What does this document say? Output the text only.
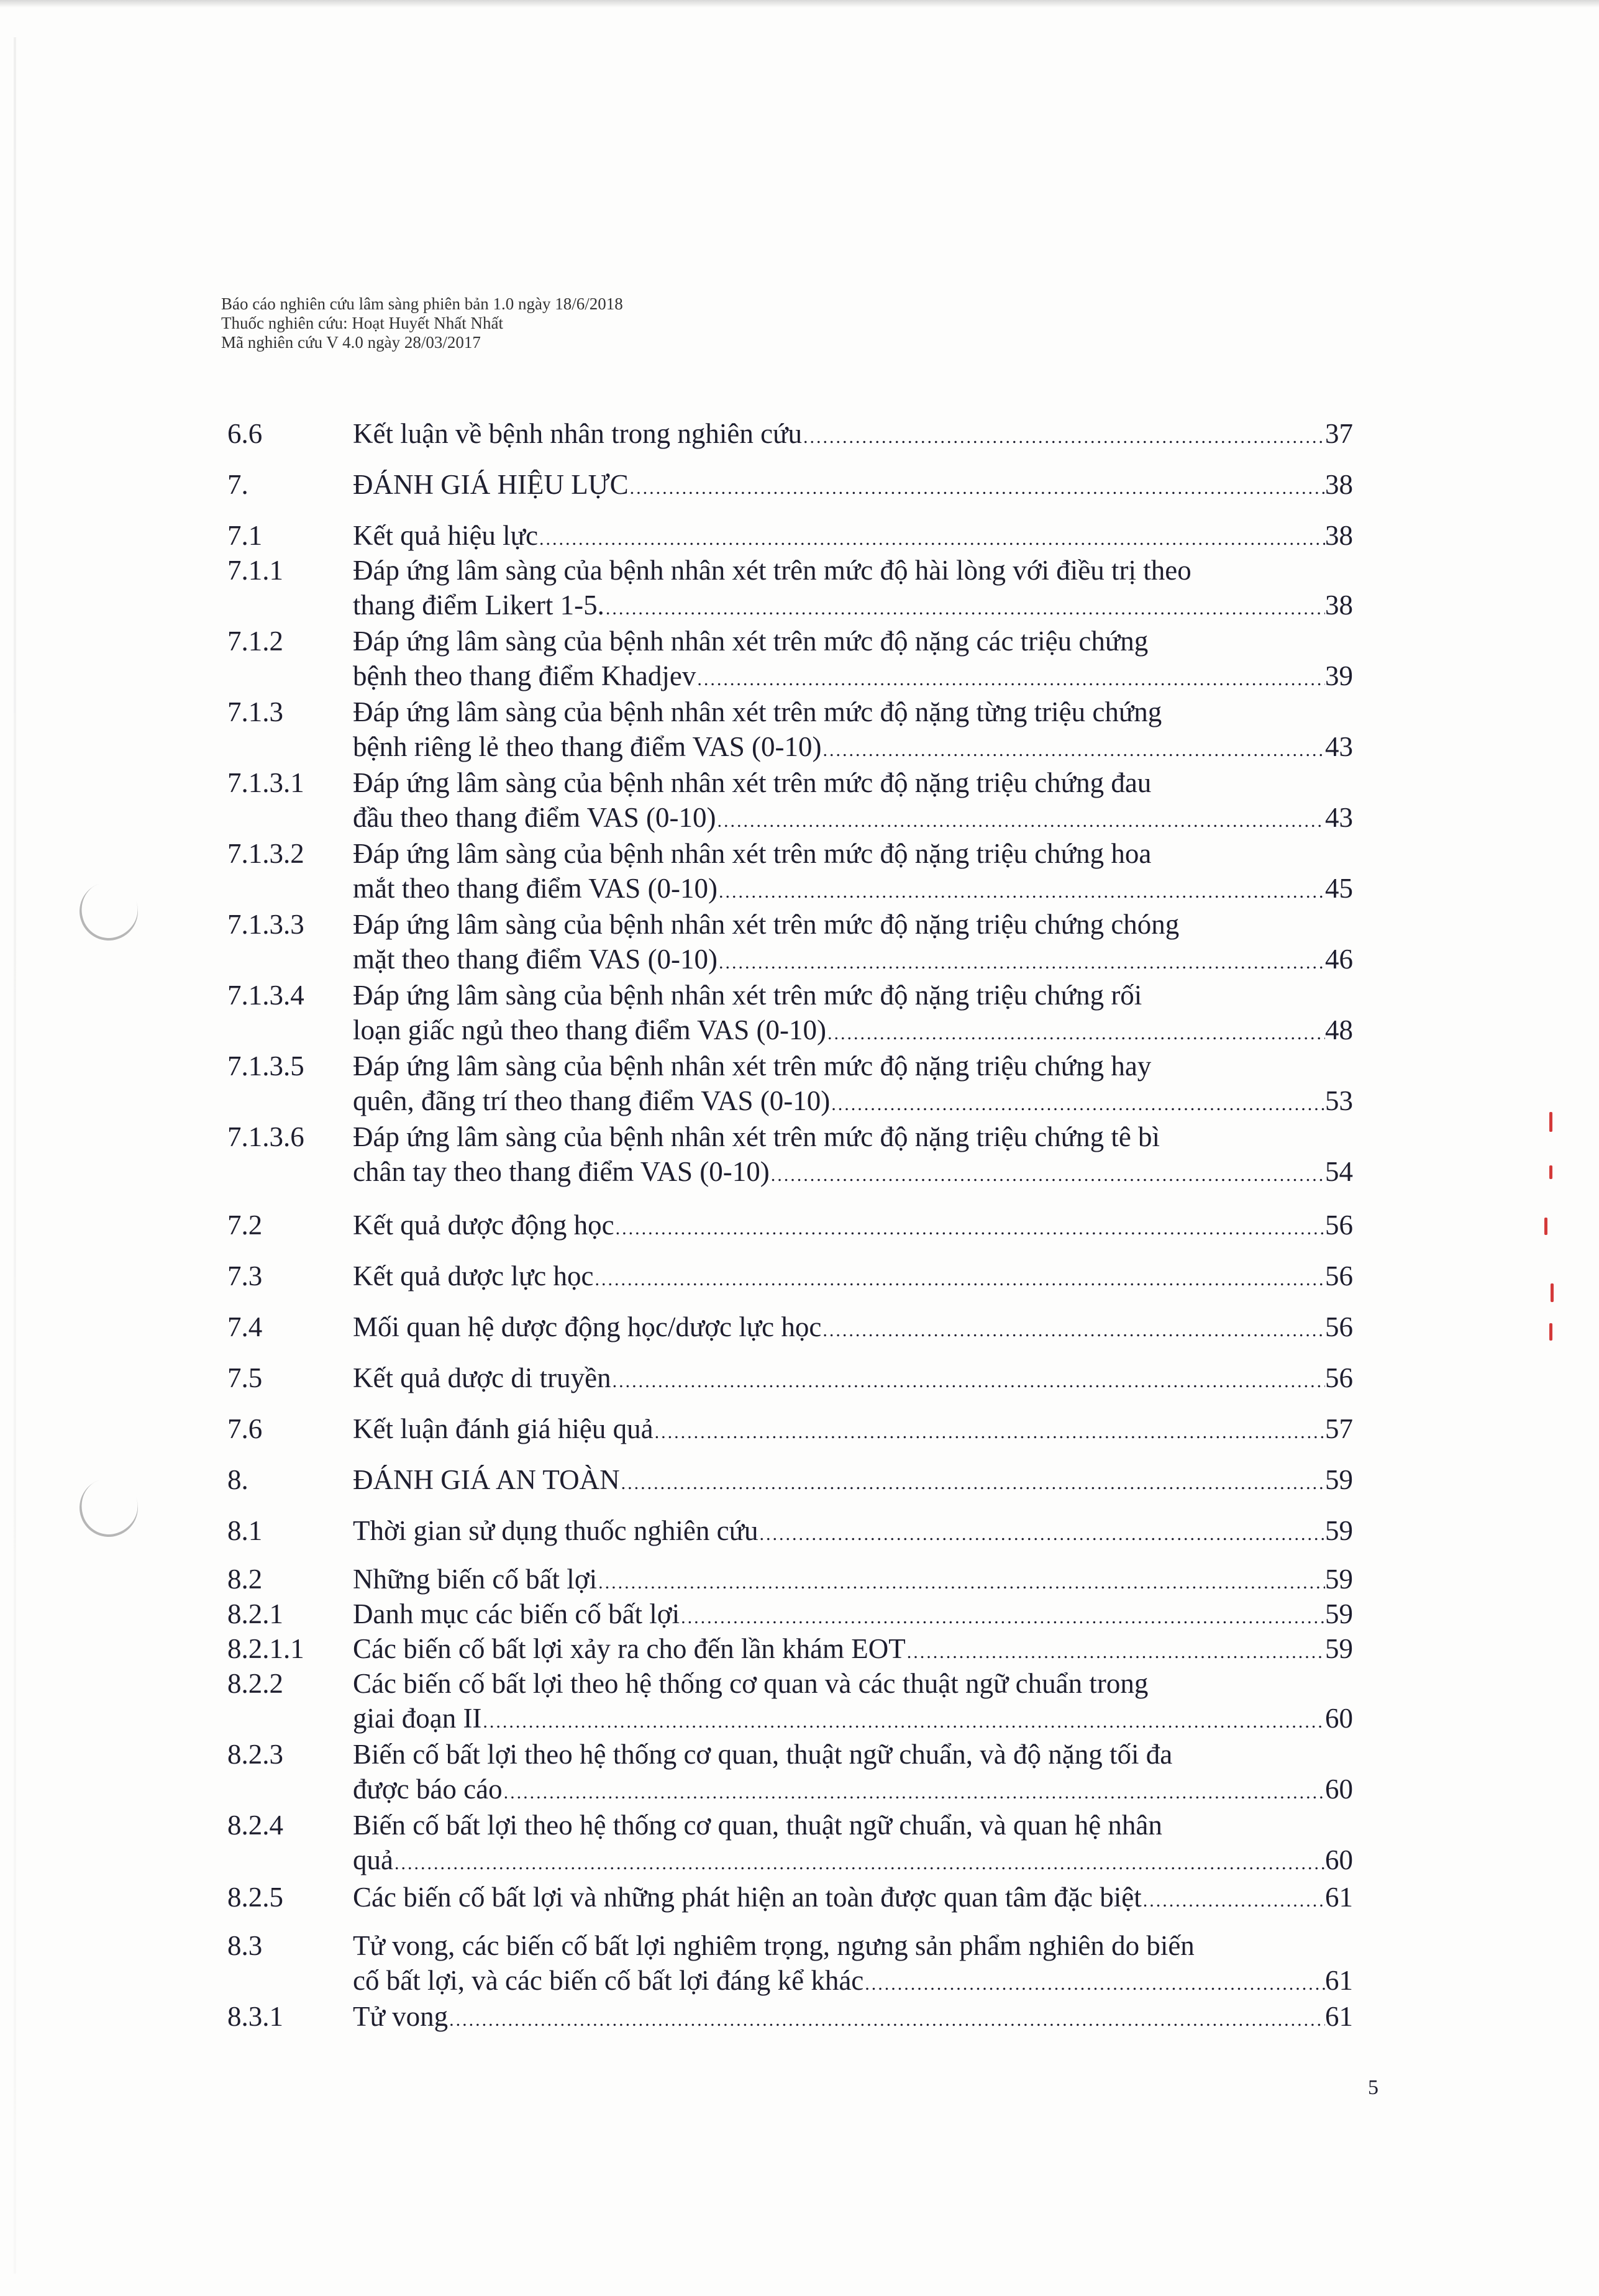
Báo cáo nghiên cứu lâm sàng phiên bản 1.0 ngày 18/6/2018
Thuốc nghiên cứu: Hoạt Huyết Nhất Nhất
Mã nghiên cứu V 4.0 ngày 28/03/2017
6.6	Kết luận về bệnh nhân trong nghiên cứu .....	37
7.	ĐÁNH GIÁ HIỆU LỰC .....	38
7.1	Kết quả hiệu lực .....	38
7.1.1 Đáp ứng lâm sàng của bệnh nhân xét trên mức độ hài lòng với điều trị theo
thang điểm Likert 1-5. .....	38
7.1.2 Đáp ứng lâm sàng của bệnh nhân xét trên mức độ nặng các triệu chứng
bệnh theo thang điểm Khadjev .....	39
7.1.3 Đáp ứng lâm sàng của bệnh nhân xét trên mức độ nặng từng triệu chứng
bệnh riêng lẻ theo thang điểm VAS (0-10) .....	43
7.1.3.1 Đáp ứng lâm sàng của bệnh nhân xét trên mức độ nặng triệu chứng đau
đầu theo thang điểm VAS (0-10) .....	43
7.1.3.2 Đáp ứng lâm sàng của bệnh nhân xét trên mức độ nặng triệu chứng hoa
mắt theo thang điểm VAS (0-10) .....	45
7.1.3.3 Đáp ứng lâm sàng của bệnh nhân xét trên mức độ nặng triệu chứng chóng
mặt theo thang điểm VAS (0-10) .....	46
7.1.3.4 Đáp ứng lâm sàng của bệnh nhân xét trên mức độ nặng triệu chứng rối
loạn giấc ngủ theo thang điểm VAS (0-10) .....	48
7.1.3.5 Đáp ứng lâm sàng của bệnh nhân xét trên mức độ nặng triệu chứng hay
quên, đãng trí theo thang điểm VAS (0-10) .....	53
7.1.3.6 Đáp ứng lâm sàng của bệnh nhân xét trên mức độ nặng triệu chứng tê bì
chân tay theo thang điểm VAS (0-10) .....	54
7.2	Kết quả dược động học .....	56
7.3	Kết quả dược lực học .....	56
7.4	Mối quan hệ dược động học/dược lực học .....	56
7.5	Kết quả dược di truyền .....	56
7.6	Kết luận đánh giá hiệu quả .....	57
8.	ĐÁNH GIÁ AN TOÀN .....	59
8.1	Thời gian sử dụng thuốc nghiên cứu .....	59
8.2	Những biến cố bất lợi .....	59
8.2.1 Danh mục các biến cố bất lợi .....	59
8.2.1.1 Các biến cố bất lợi xảy ra cho đến lần khám EOT .....	59
8.2.2 Các biến cố bất lợi theo hệ thống cơ quan và các thuật ngữ chuẩn trong
giai đoạn II .....	60
8.2.3 Biến cố bất lợi theo hệ thống cơ quan, thuật ngữ chuẩn, và độ nặng tối đa
được báo cáo .....	60
8.2.4 Biến cố bất lợi theo hệ thống cơ quan, thuật ngữ chuẩn, và quan hệ nhân
quả .....	60
8.2.5 Các biến cố bất lợi và những phát hiện an toàn được quan tâm đặc biệt .....	61
8.3	Tử vong, các biến cố bất lợi nghiêm trọng, ngưng sản phẩm nghiên do biến
cố bất lợi, và các biến cố bất lợi đáng kể khác .....	61
8.3.1 Tử vong .....	61
5
